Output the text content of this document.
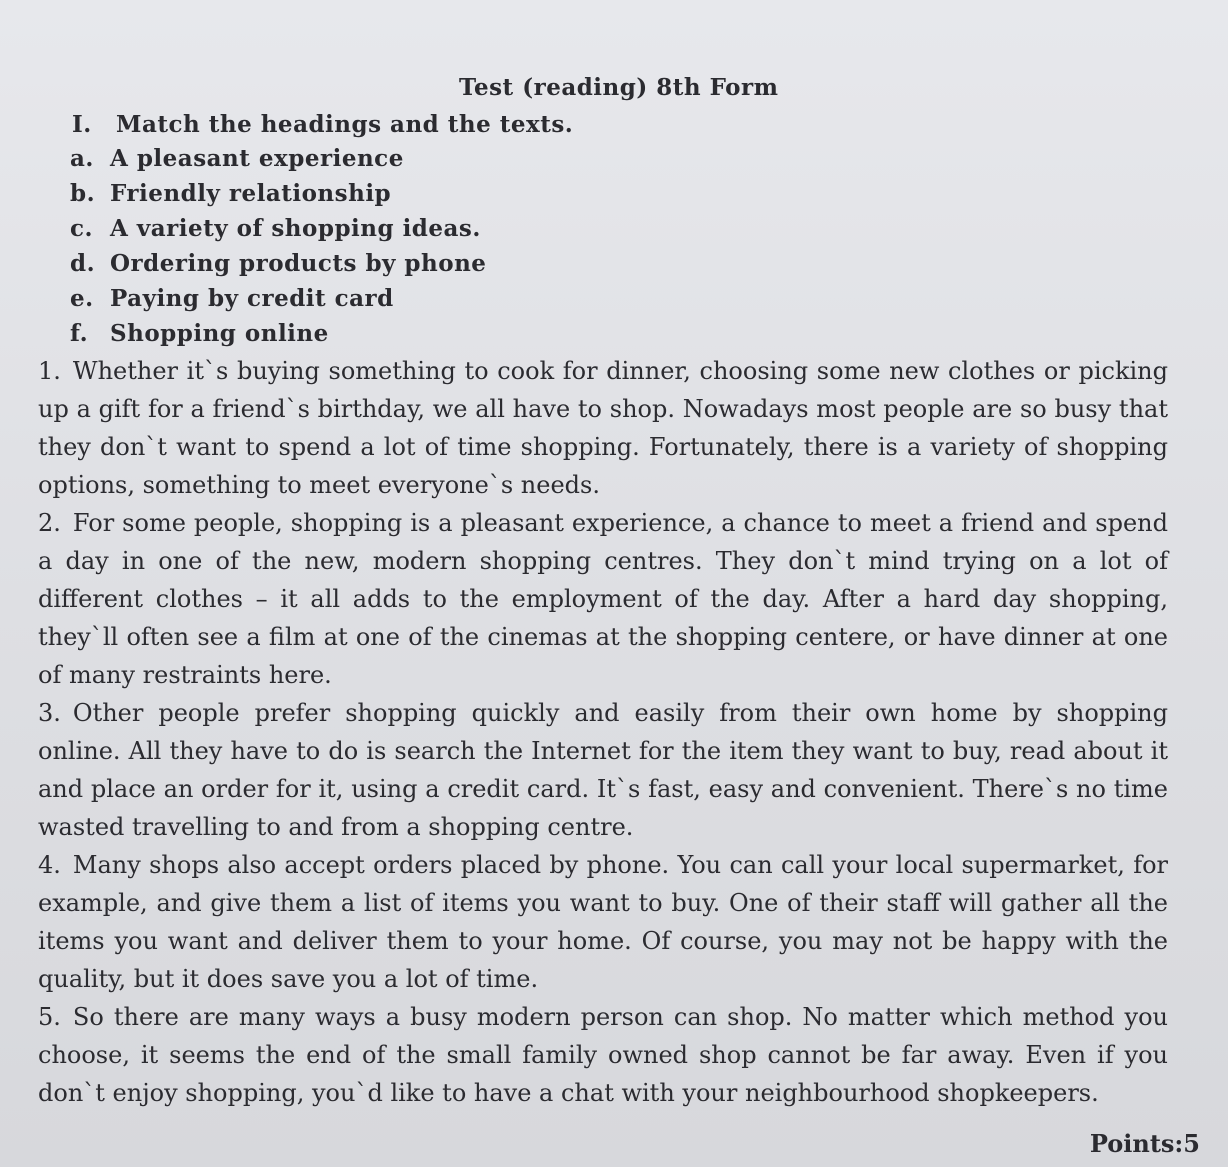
Test (reading) 8th Form
I. Match the headings and the texts.
a. A pleasant experience
b. Friendly relationship
c. A variety of shopping ideas.
d. Ordering products by phone
e. Paying by credit card
f. Shopping online

1. Whether it`s buying something to cook for dinner, choosing some new clothes or picking up a gift for a friend`s birthday, we all have to shop. Nowadays most people are so busy that they don`t want to spend a lot of time shopping. Fortunately, there is a variety of shopping options, something to meet everyone`s needs.

2. For some people, shopping is a pleasant experience, a chance to meet a friend and spend a day in one of the new, modern shopping centres. They don`t mind trying on a lot of different clothes – it all adds to the employment of the day. After a hard day shopping, they`ll often see a film at one of the cinemas at the shopping centere, or have dinner at one of many restraints here.

3. Other people prefer shopping quickly and easily from their own home by shopping online. All they have to do is search the Internet for the item they want to buy, read about it and place an order for it, using a credit card. It`s fast, easy and convenient. There`s no time wasted travelling to and from a shopping centre.

4. Many shops also accept orders placed by phone. You can call your local supermarket, for example, and give them a list of items you want to buy. One of their staff will gather all the items you want and deliver them to your home. Of course, you may not be happy with the quality, but it does save you a lot of time.

5. So there are many ways a busy modern person can shop. No matter which method you choose, it seems the end of the small family owned shop cannot be far away. Even if you don`t enjoy shopping, you`d like to have a chat with your neighbourhood shopkeepers.

Points:5
